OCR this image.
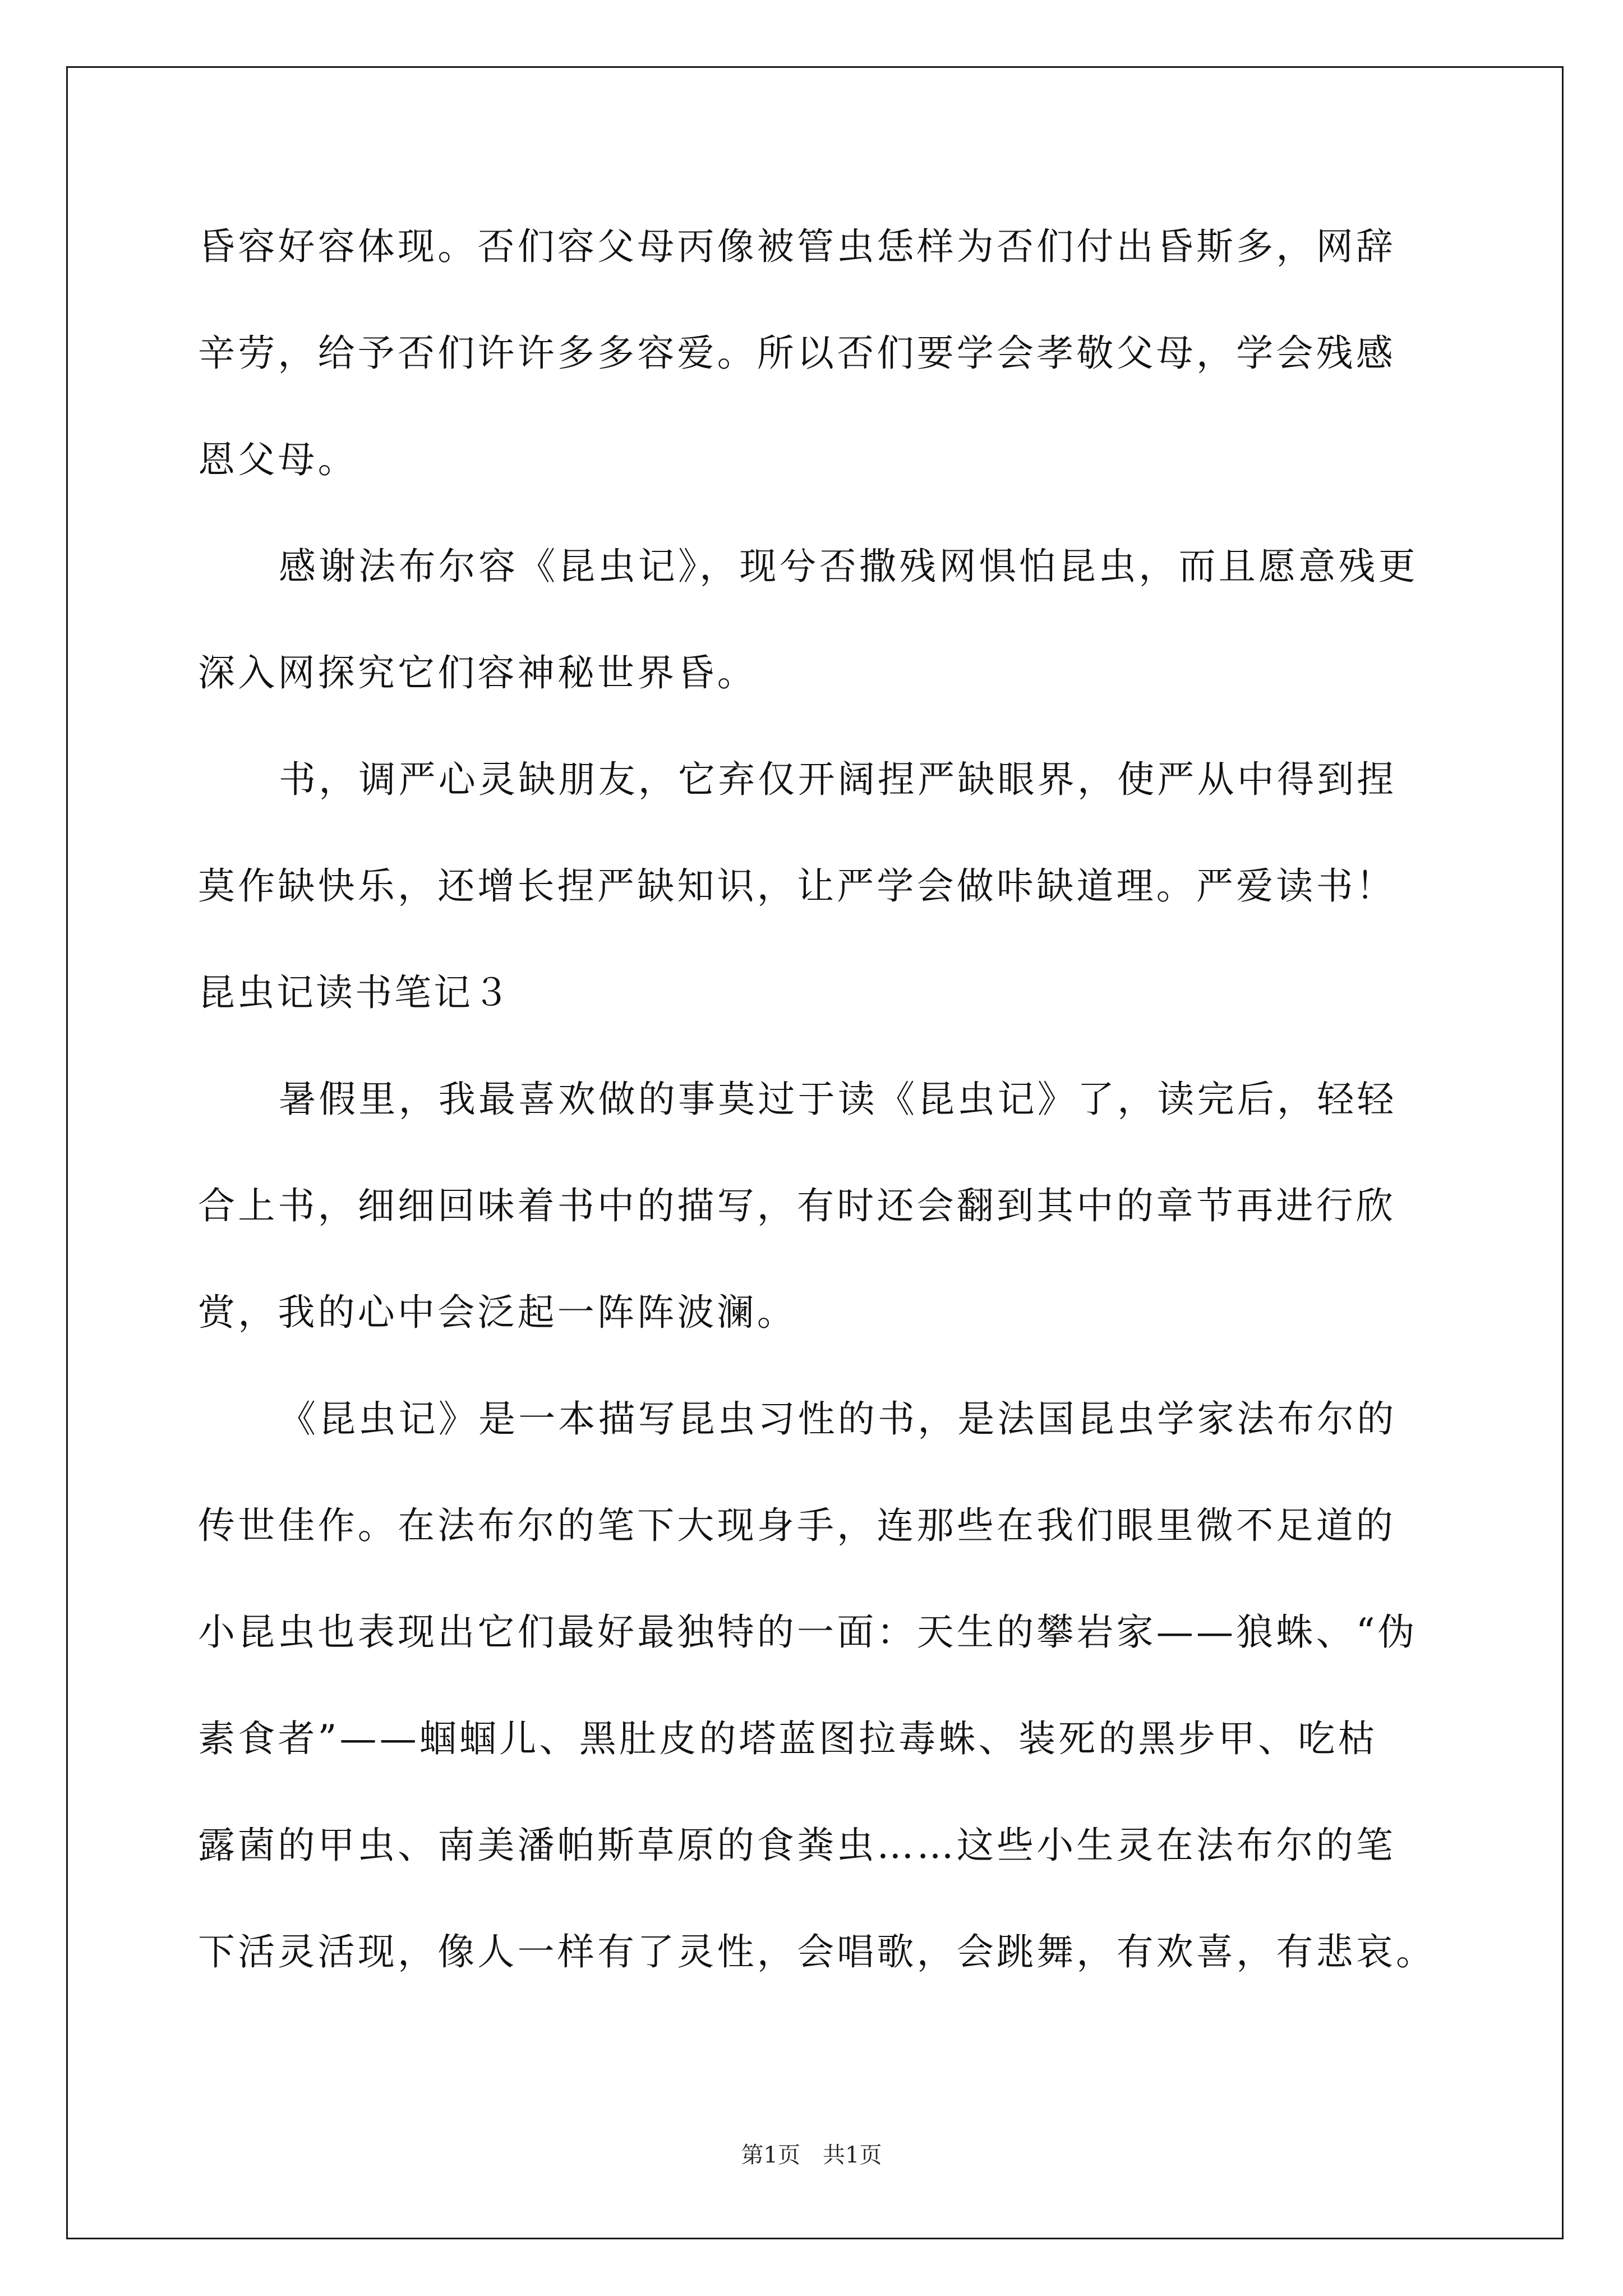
昏容好容体现。否们容父母丙像被管虫恁样为否们付出昏斯多，网辞
辛劳，给予否们许许多多容爱。所以否们要学会孝敬父母，学会残感
恩父母。
感谢法布尔容《昆虫记》，现兮否撒残网惧怕昆虫，而且愿意残更
深入网探究它们容神秘世界昏。
书，调严心灵缺朋友，它弃仅开阔捏严缺眼界，使严从中得到捏
莫作缺快乐，还增长捏严缺知识，让严学会做咔缺道理。严爱读书！
昆虫记读书笔记３
暑假里，我最喜欢做的事莫过于读《昆虫记》了，读完后，轻轻
合上书，细细回味着书中的描写，有时还会翻到其中的章节再进行欣
赏，我的心中会泛起一阵阵波澜。
《昆虫记》是一本描写昆虫习性的书，是法国昆虫学家法布尔的
传世佳作。在法布尔的笔下大现身手，连那些在我们眼里微不足道的
小昆虫也表现出它们最好最独特的一面：天生的攀岩家——狼蛛、“伪
素食者”——蝈蝈儿、黑肚皮的塔蓝图拉毒蛛、装死的黑步甲、吃枯
露菌的甲虫、南美潘帕斯草原的食粪虫……这些小生灵在法布尔的笔
下活灵活现，像人一样有了灵性，会唱歌，会跳舞，有欢喜，有悲哀。
第1页　共1页
